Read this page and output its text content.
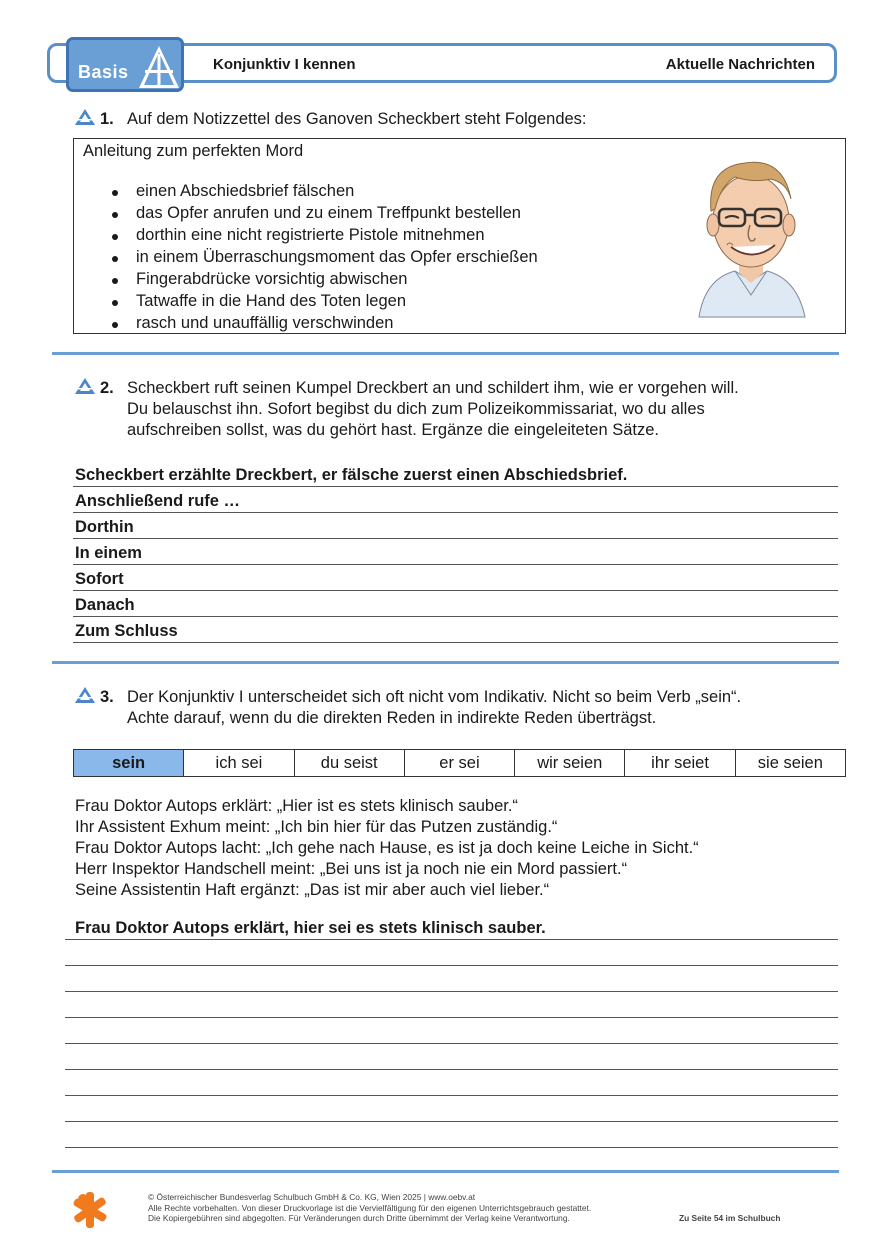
Basis	Konjunktiv I kennen	Aktuelle Nachrichten
1. Auf dem Notizzettel des Ganoven Scheckbert steht Folgendes:
Anleitung zum perfekten Mord
einen Abschiedsbrief fälschen
das Opfer anrufen und zu einem Treffpunkt bestellen
dorthin eine nicht registrierte Pistole mitnehmen
in einem Überraschungsmoment das Opfer erschießen
Fingerabdrücke vorsichtig abwischen
Tatwaffe in die Hand des Toten legen
rasch und unauffällig verschwinden
2. Scheckbert ruft seinen Kumpel Dreckbert an und schildert ihm, wie er vorgehen will.
Du belauschst ihn. Sofort begibst du dich zum Polizeikommissariat, wo du alles
aufschreiben sollst, was du gehört hast. Ergänze die eingeleiteten Sätze.
Scheckbert erzählte Dreckbert, er fälsche zuerst einen Abschiedsbrief.
Anschließend rufe …
Dorthin
In einem
Sofort
Danach
Zum Schluss
3. Der Konjunktiv I unterscheidet sich oft nicht vom Indikativ. Nicht so beim Verb „sein“.
Achte darauf, wenn du die direkten Reden in indirekte Reden überträgst.
sein	ich sei	du seist	er sei	wir seien	ihr seiet	sie seien
Frau Doktor Autops erklärt: „Hier ist es stets klinisch sauber.“
Ihr Assistent Exhum meint: „Ich bin hier für das Putzen zuständig.“
Frau Doktor Autops lacht: „Ich gehe nach Hause, es ist ja doch keine Leiche in Sicht.“
Herr Inspektor Handschell meint: „Bei uns ist ja noch nie ein Mord passiert.“
Seine Assistentin Haft ergänzt: „Das ist mir aber auch viel lieber.“
Frau Doktor Autops erklärt, hier sei es stets klinisch sauber.
© Österreichischer Bundesverlag Schulbuch GmbH & Co. KG, Wien 2025 | www.oebv.at
Alle Rechte vorbehalten. Von dieser Druckvorlage ist die Vervielfältigung für den eigenen Unterrichtsgebrauch gestattet.
Die Kopiergebühren sind abgegolten. Für Veränderungen durch Dritte übernimmt der Verlag keine Verantwortung.	Zu Seite 54 im Schulbuch
